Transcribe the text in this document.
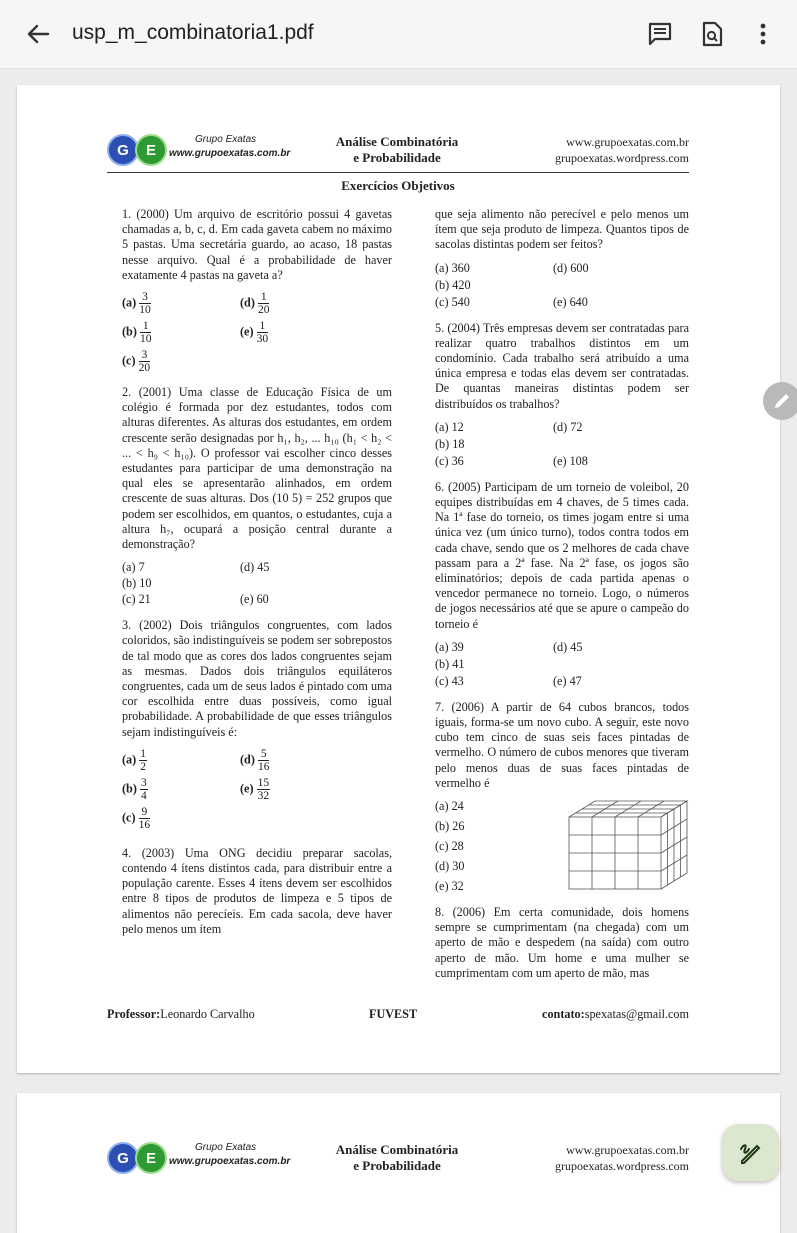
usp_m_combinatoria1.pdf
G E
Grupo Exatas
www.grupoexatas.com.br
Análise Combinatória
e Probabilidade
www.grupoexatas.com.br
grupoexatas.wordpress.com
Exercícios Objetivos
1. (2000) Um arquivo de escritório possui 4 gavetas chamadas a, b, c, d. Em cada gaveta cabem no máximo 5 pastas. Uma secretária guardo, ao acaso, 18 pastas nesse arquivo. Qual é a probabilidade de haver exatamente 4 pastas na gaveta a?
$(a) \frac{3}{10}$
$(b) \frac{1}{10}$
$(c) \frac{3}{20}$
$(d) \frac{1}{20}$
$(e) \frac{1}{30}$
2. (2001) Uma classe de Educação Física de um colégio é formada por dez estudantes, todos com alturas diferentes. As alturas dos estudantes, em ordem crescente serão designadas por h₁, h₂, ... h₁₀ (h₁ < h₂ < ... < h₉ < h₁₀). O professor vai escolher cinco desses estudantes para participar de uma demonstração na qual eles se apresentarão alinhados, em ordem crescente de suas alturas. Dos (10 5) = 252 grupos que podem ser escolhidos, em quantos, o estudantes, cuja a altura h₇, ocupará a posição central durante a demonstração?
(a) 7
(b) 10
(c) 21
(d) 45
(e) 60
3. (2002) Dois triângulos congruentes, com lados coloridos, são indistinguíveis se podem ser sobrepostos de tal modo que as cores dos lados congruentes sejam as mesmas. Dados dois triângulos equiláteros congruentes, cada um de seus lados é pintado com uma cor escolhida entre duas possíveis, como igual probabilidade. A probabilidade de que esses triângulos sejam indistinguíveis é:
$(a) \frac{1}{2}$
$(b) \frac{3}{4}$
$(c) \frac{9}{16}$
$(d) \frac{5}{16}$
$(e) \frac{15}{32}$
4. (2003) Uma ONG decidiu preparar sacolas, contendo 4 ítens distintos cada, para distribuir entre a população carente. Esses 4 ítens devem ser escolhidos entre 8 tipos de produtos de limpeza e 5 tipos de alimentos não perecíeis. Em cada sacola, deve haver pelo menos um ítem
que seja alimento não perecível e pelo menos um ítem que seja produto de limpeza. Quantos tipos de sacolas distintas podem ser feitos?
(a) 360
(b) 420
(c) 540
(d) 600
(e) 640
5. (2004) Três empresas devem ser contratadas para realizar quatro trabalhos distintos em um condomínio. Cada trabalho será atribuído a uma única empresa e todas elas devem ser contratadas. De quantas maneiras distintas podem ser distribuídos os trabalhos?
(a) 12
(b) 18
(c) 36
(d) 72
(e) 108
6. (2005) Participam de um torneio de voleibol, 20 equipes distribuídas em 4 chaves, de 5 times cada. Na 1ª fase do torneio, os times jogam entre si uma única vez (um único turno), todos contra todos em cada chave, sendo que os 2 melhores de cada chave passam para a 2ª fase. Na 2ª fase, os jogos são eliminatórios; depois de cada partida apenas o vencedor permanece no torneio. Logo, o números de jogos necessários até que se apure o campeão do torneio é
(a) 39
(b) 41
(c) 43
(d) 45
(e) 47
7. (2006) A partir de 64 cubos brancos, todos iguais, forma-se um novo cubo. A seguir, este novo cubo tem cinco de suas seis faces pintadas de vermelho. O número de cubos menores que tiveram pelo menos duas de suas faces pintadas de vermelho é
(a) 24
(b) 26
(c) 28
(d) 30
(e) 32
8. (2006) Em certa comunidade, dois homens sempre se cumprimentam (na chegada) com um aperto de mão e despedem (na saída) com outro aperto de mão. Um home e uma mulher se cumprimentam com um aperto de mão, mas
Professor:Leonardo Carvalho	FUVEST	contato:spexatas@gmail.com
G E
Grupo Exatas
www.grupoexatas.com.br
Análise Combinatória
e Probabilidade
www.grupoexatas.com.br
grupoexatas.wordpress.com
